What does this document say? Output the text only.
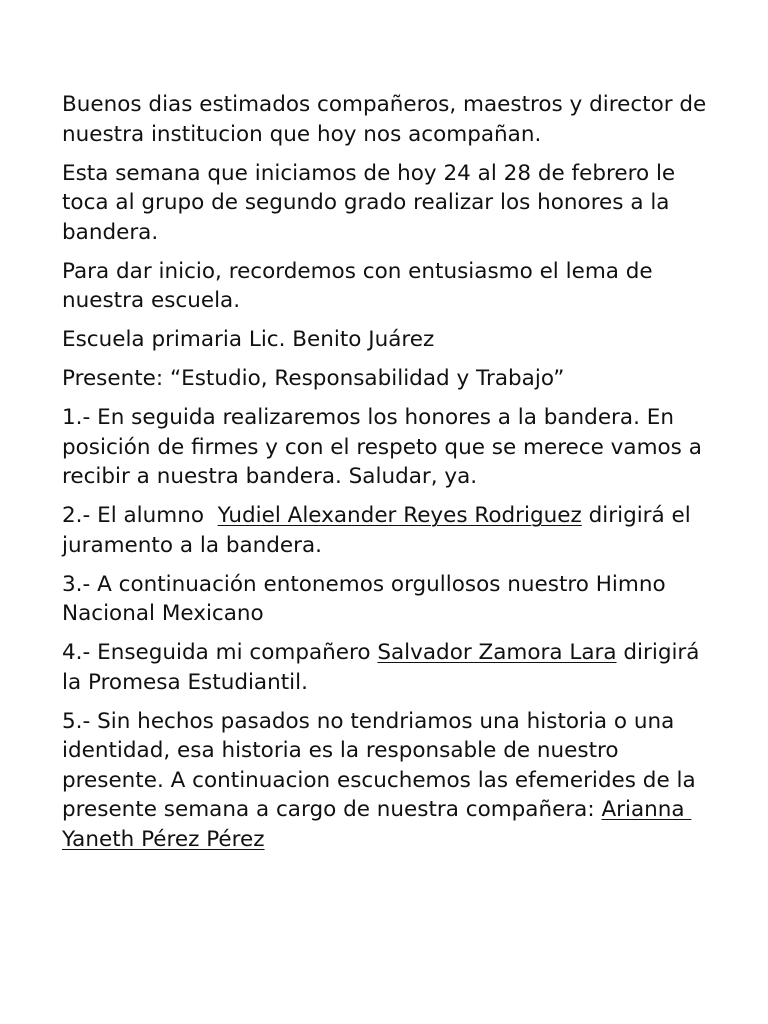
Buenos dias estimados compañeros, maestros y director de nuestra institucion que hoy nos acompañan.

Esta semana que iniciamos de hoy 24 al 28 de febrero le toca al grupo de segundo grado realizar los honores a la bandera.

Para dar inicio, recordemos con entusiasmo el lema de nuestra escuela.

Escuela primaria Lic. Benito Juárez

Presente: “Estudio, Responsabilidad y Trabajo”

1.- En seguida realizaremos los honores a la bandera. En posición de firmes y con el respeto que se merece vamos a recibir a nuestra bandera. Saludar, ya.

2.- El alumno  Yudiel Alexander Reyes Rodriguez dirigirá el juramento a la bandera.

3.- A continuación entonemos orgullosos nuestro Himno Nacional Mexicano

4.- Enseguida mi compañero Salvador Zamora Lara dirigirá la Promesa Estudiantil.

5.- Sin hechos pasados no tendriamos una historia o una identidad, esa historia es la responsable de nuestro presente. A continuacion escuchemos las efemerides de la presente semana a cargo de nuestra compañera: Arianna Yaneth Pérez Pérez
